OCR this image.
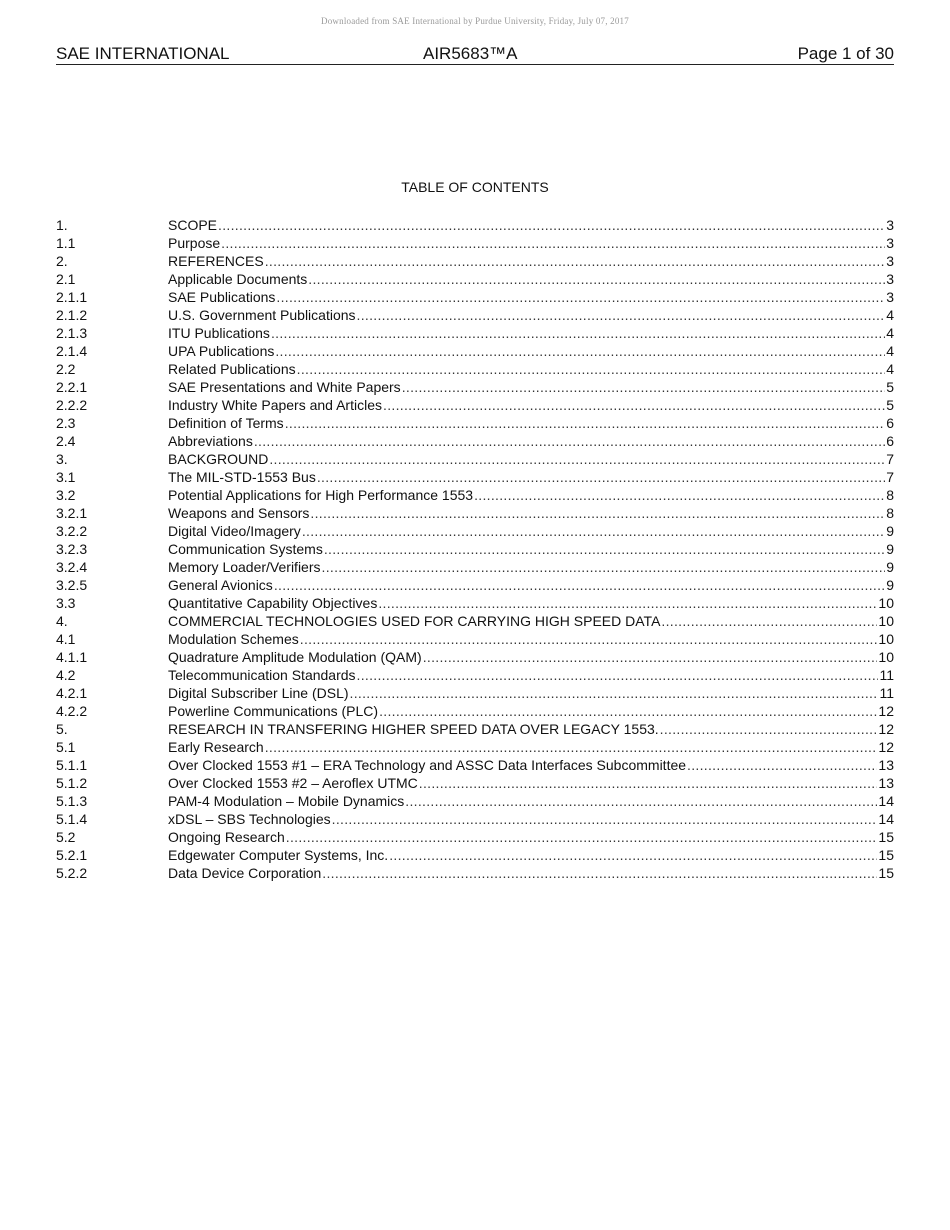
Downloaded from SAE International by Purdue University, Friday, July 07, 2017
SAE INTERNATIONAL	AIR5683™A	Page 1 of 30
TABLE OF CONTENTS
1.	SCOPE .....	3
1.1	Purpose .....	3
2.	REFERENCES .....	3
2.1	Applicable Documents .....	3
2.1.1	SAE Publications .....	3
2.1.2	U.S. Government Publications .....	4
2.1.3	ITU Publications .....	4
2.1.4	UPA Publications .....	4
2.2	Related Publications .....	4
2.2.1	SAE Presentations and White Papers .....	5
2.2.2	Industry White Papers and Articles .....	5
2.3	Definition of Terms .....	6
2.4	Abbreviations .....	6
3.	BACKGROUND .....	7
3.1	The MIL-STD-1553 Bus .....	7
3.2	Potential Applications for High Performance 1553 .....	8
3.2.1	Weapons and Sensors .....	8
3.2.2	Digital Video/Imagery .....	9
3.2.3	Communication Systems .....	9
3.2.4	Memory Loader/Verifiers .....	9
3.2.5	General Avionics .....	9
3.3	Quantitative Capability Objectives .....	10
4.	COMMERCIAL TECHNOLOGIES USED FOR CARRYING HIGH SPEED DATA .....	10
4.1	Modulation Schemes .....	10
4.1.1	Quadrature Amplitude Modulation (QAM) .....	10
4.2	Telecommunication Standards .....	11
4.2.1	Digital Subscriber Line (DSL) .....	11
4.2.2	Powerline Communications (PLC) .....	12
5.	RESEARCH IN TRANSFERING HIGHER SPEED DATA OVER LEGACY 1553. .....	12
5.1	Early Research .....	12
5.1.1	Over Clocked 1553 #1 – ERA Technology and ASSC Data Interfaces Subcommittee .....	13
5.1.2	Over Clocked 1553 #2 – Aeroflex UTMC .....	13
5.1.3	PAM-4 Modulation – Mobile Dynamics .....	14
5.1.4	xDSL – SBS Technologies .....	14
5.2	Ongoing Research .....	15
5.2.1	Edgewater Computer Systems, Inc. .....	15
5.2.2	Data Device Corporation .....	15
